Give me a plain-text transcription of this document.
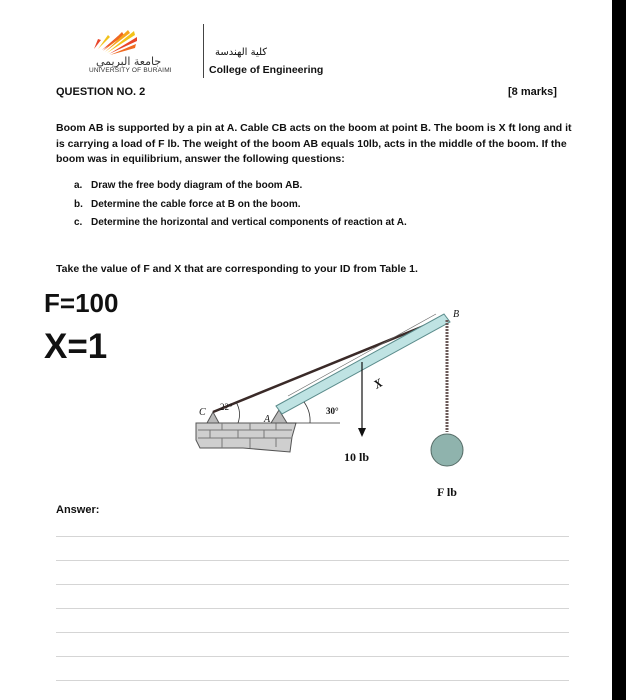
جامعة البريمي
UNIVERSITY OF BURAIMI
كلية الهندسة
College of Engineering
QUESTION NO. 2	[8 marks]
Boom AB is supported by a pin at A. Cable CB acts on the boom at point B. The boom is X ft long and it is carrying a load of F lb. The weight of the boom AB equals 10lb, acts in the middle of the boom. If the boom was in equilibrium, answer the following questions:
a. Draw the free body diagram of the boom AB.
b. Determine the cable force at B on the boom.
c. Determine the horizontal and vertical components of reaction at A.
Take the value of F and X that are corresponding to your ID from Table 1.
F=100
X=1
B
C
A
22°	30°
X
10 lb
F lb
Answer:
